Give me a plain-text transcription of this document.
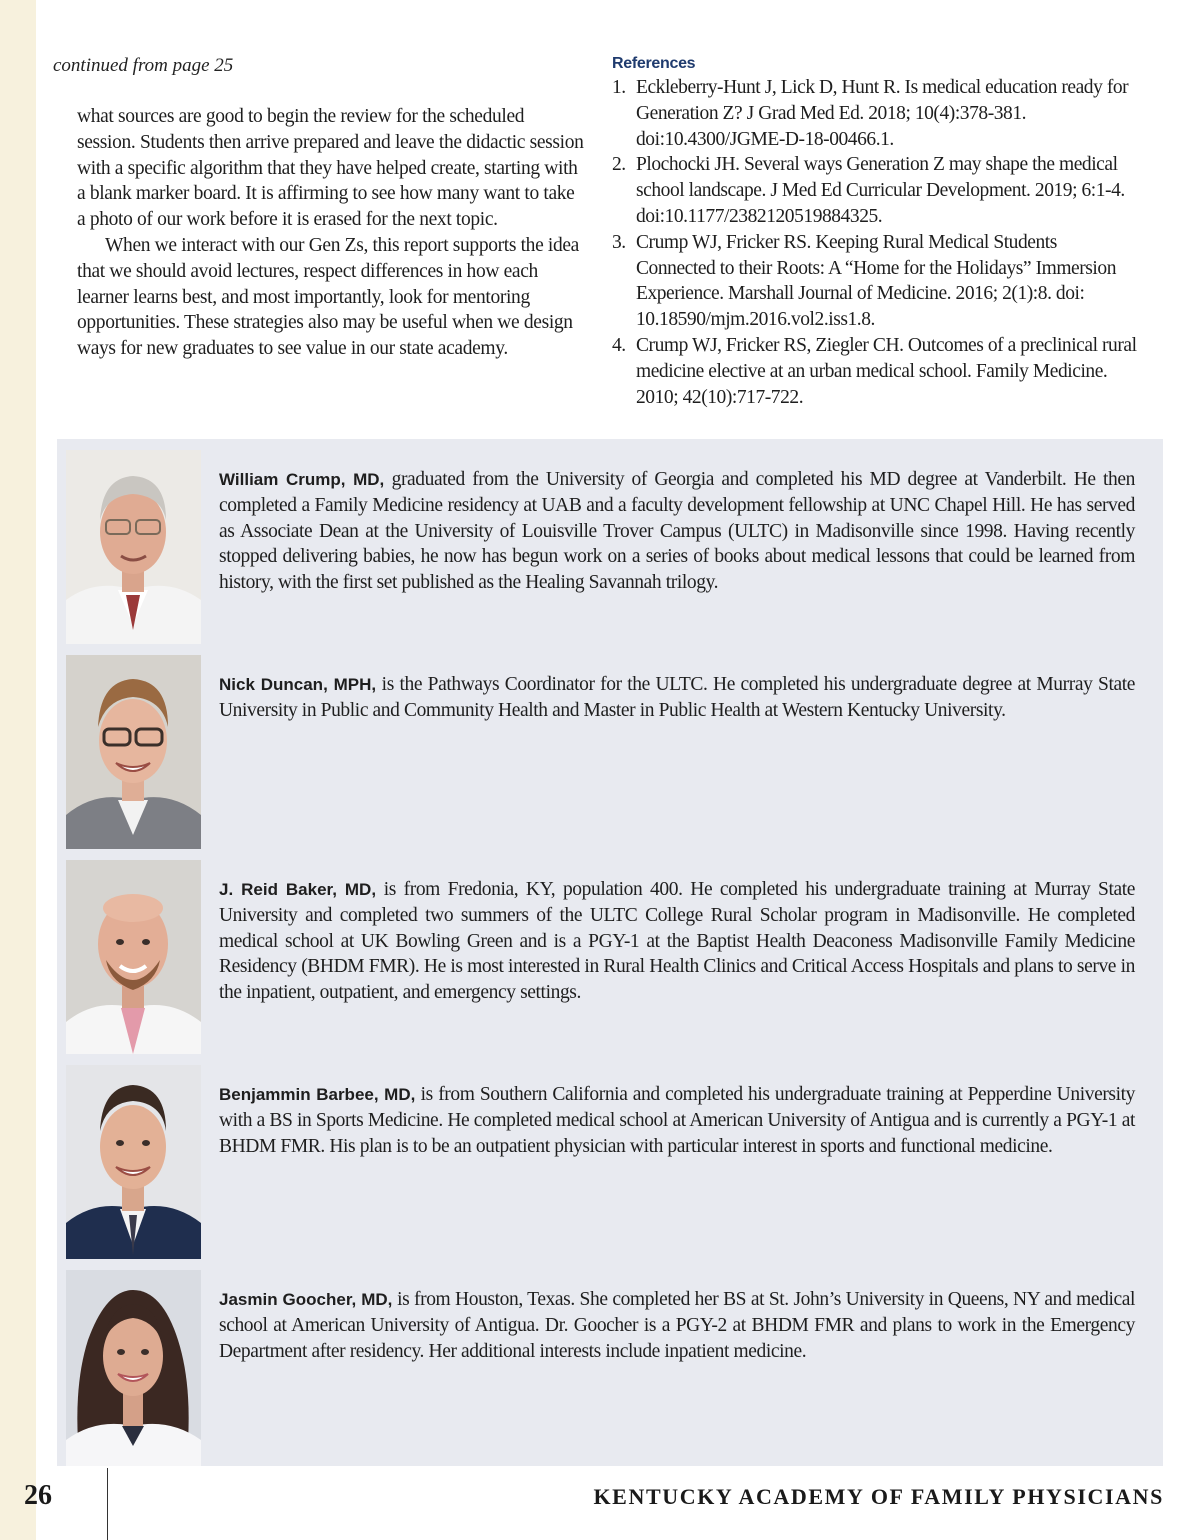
continued from page 25

what sources are good to begin the review for the scheduled session. Students then arrive prepared and leave the didactic session with a specific algorithm that they have helped create, starting with a blank marker board. It is affirming to see how many want to take a photo of our work before it is erased for the next topic.

When we interact with our Gen Zs, this report supports the idea that we should avoid lectures, respect differences in how each learner learns best, and most importantly, look for mentoring opportunities. These strategies also may be useful when we design ways for new graduates to see value in our state academy.

References
1. Eckleberry-Hunt J, Lick D, Hunt R. Is medical education ready for Generation Z? J Grad Med Ed. 2018; 10(4):378-381. doi:10.4300/JGME-D-18-00466.1.
2. Plochocki JH. Several ways Generation Z may shape the medical school landscape. J Med Ed Curricular Development. 2019; 6:1-4. doi:10.1177/2382120519884325.
3. Crump WJ, Fricker RS. Keeping Rural Medical Students Connected to their Roots: A “Home for the Holidays” Immersion Experience. Marshall Journal of Medicine. 2016; 2(1):8. doi: 10.18590/mjm.2016.vol2.iss1.8.
4. Crump WJ, Fricker RS, Ziegler CH. Outcomes of a preclinical rural medicine elective at an urban medical school. Family Medicine. 2010; 42(10):717-722.
William Crump, MD, graduated from the University of Georgia and completed his MD degree at Vanderbilt. He then completed a Family Medicine residency at UAB and a faculty development fellowship at UNC Chapel Hill. He has served as Associate Dean at the University of Louisville Trover Campus (ULTC) in Madisonville since 1998. Having recently stopped delivering babies, he now has begun work on a series of books about medical lessons that could be learned from history, with the first set published as the Healing Savannah trilogy.
Nick Duncan, MPH, is the Pathways Coordinator for the ULTC. He completed his undergraduate degree at Murray State University in Public and Community Health and Master in Public Health at Western Kentucky University.
J. Reid Baker, MD, is from Fredonia, KY, population 400. He completed his undergraduate training at Murray State University and completed two summers of the ULTC College Rural Scholar program in Madisonville. He completed medical school at UK Bowling Green and is a PGY-1 at the Baptist Health Deaconess Madisonville Family Medicine Residency (BHDM FMR). He is most interested in Rural Health Clinics and Critical Access Hospitals and plans to serve in the inpatient, outpatient, and emergency settings.
Benjammin Barbee, MD, is from Southern California and completed his undergraduate training at Pepperdine University with a BS in Sports Medicine. He completed medical school at American University of Antigua and is currently a PGY-1 at BHDM FMR. His plan is to be an outpatient physician with particular interest in sports and functional medicine.
Jasmin Goocher, MD, is from Houston, Texas. She completed her BS at St. John’s University in Queens, NY and medical school at American University of Antigua. Dr. Goocher is a PGY-2 at BHDM FMR and plans to work in the Emergency Department after residency. Her additional interests include inpatient medicine.
26	KENTUCKY ACADEMY OF FAMILY PHYSICIANS
